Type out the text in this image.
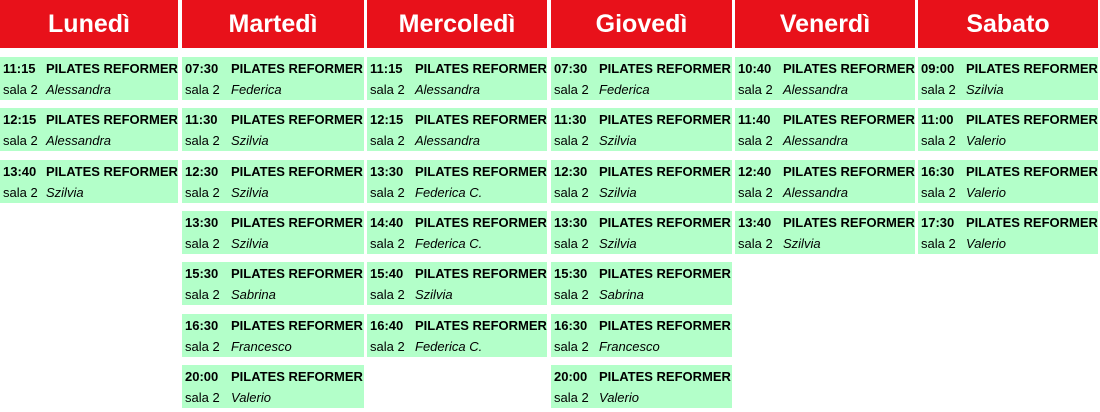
Lunedì
11:15 PILATES REFORMER
sala 2 Alessandra
12:15 PILATES REFORMER
sala 2 Alessandra
13:40 PILATES REFORMER
sala 2 Szilvia
Martedì
07:30 PILATES REFORMER
sala 2 Federica
11:30 PILATES REFORMER
sala 2 Szilvia
12:30 PILATES REFORMER
sala 2 Szilvia
13:30 PILATES REFORMER
sala 2 Szilvia
15:30 PILATES REFORMER
sala 2 Sabrina
16:30 PILATES REFORMER
sala 2 Francesco
20:00 PILATES REFORMER
sala 2 Valerio
Mercoledì
11:15 PILATES REFORMER
sala 2 Alessandra
12:15 PILATES REFORMER
sala 2 Alessandra
13:30 PILATES REFORMER
sala 2 Federica C.
14:40 PILATES REFORMER
sala 2 Federica C.
15:40 PILATES REFORMER
sala 2 Szilvia
16:40 PILATES REFORMER
sala 2 Federica C.
Giovedì
07:30 PILATES REFORMER
sala 2 Federica
11:30 PILATES REFORMER
sala 2 Szilvia
12:30 PILATES REFORMER
sala 2 Szilvia
13:30 PILATES REFORMER
sala 2 Szilvia
15:30 PILATES REFORMER
sala 2 Sabrina
16:30 PILATES REFORMER
sala 2 Francesco
20:00 PILATES REFORMER
sala 2 Valerio
Venerdì
10:40 PILATES REFORMER
sala 2 Alessandra
11:40 PILATES REFORMER
sala 2 Alessandra
12:40 PILATES REFORMER
sala 2 Alessandra
13:40 PILATES REFORMER
sala 2 Szilvia
Sabato
09:00 PILATES REFORMER
sala 2 Szilvia
11:00 PILATES REFORMER
sala 2 Valerio
16:30 PILATES REFORMER
sala 2 Valerio
17:30 PILATES REFORMER
sala 2 Valerio
